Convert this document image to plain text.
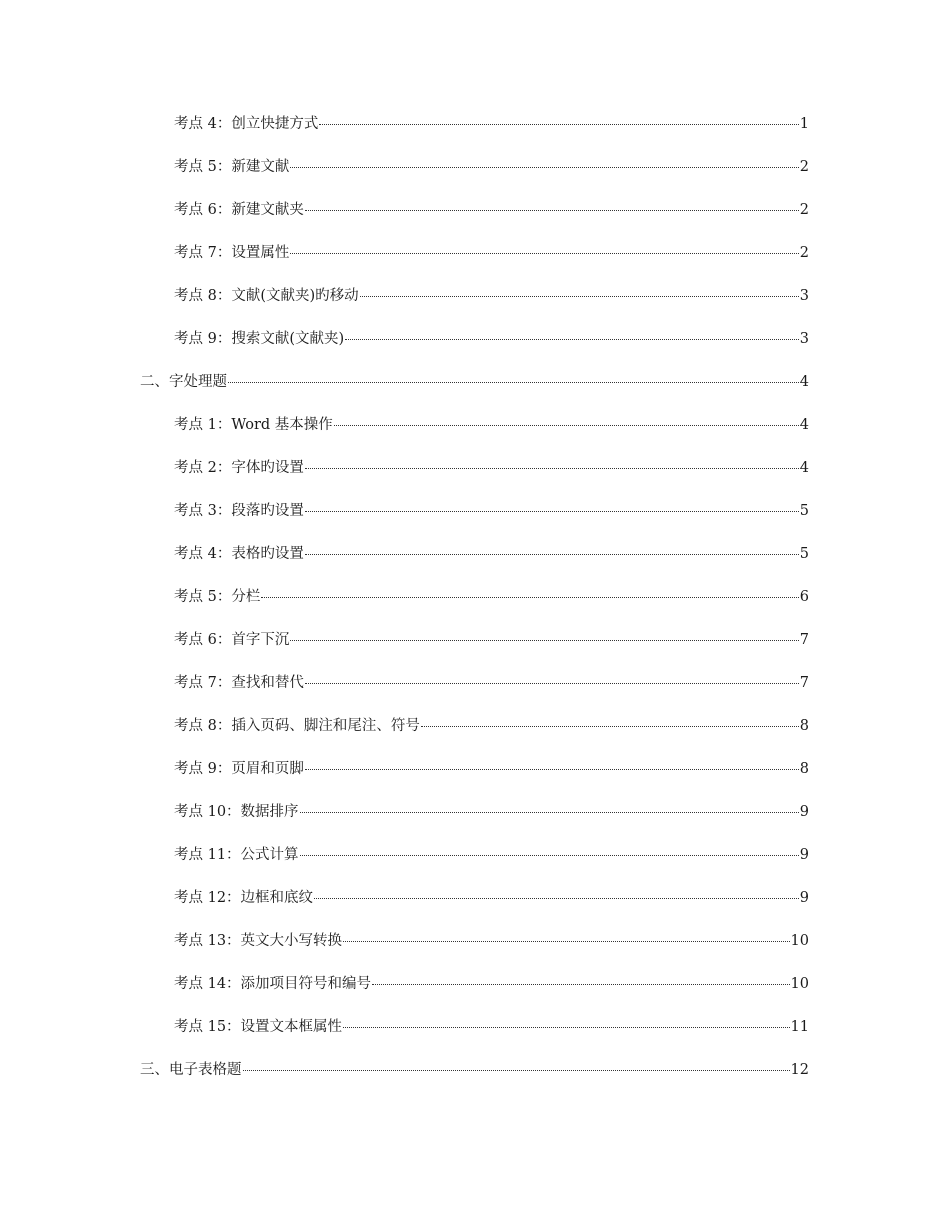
考点 4：创立快捷方式	1
考点 5：新建文献	2
考点 6：新建文献夹	2
考点 7：设置属性	2
考点 8：文献(文献夹)旳移动	3
考点 9：搜索文献(文献夹)	3
二、字处理题	4
考点 1：Word 基本操作	4
考点 2：字体旳设置	4
考点 3：段落旳设置	5
考点 4：表格旳设置	5
考点 5：分栏	6
考点 6：首字下沉	7
考点 7：查找和替代	7
考点 8：插入页码、脚注和尾注、符号	8
考点 9：页眉和页脚	8
考点 10：数据排序	9
考点 11：公式计算	9
考点 12：边框和底纹	9
考点 13：英文大小写转换	10
考点 14：添加项目符号和编号	10
考点 15：设置文本框属性	11
三、电子表格题	12
